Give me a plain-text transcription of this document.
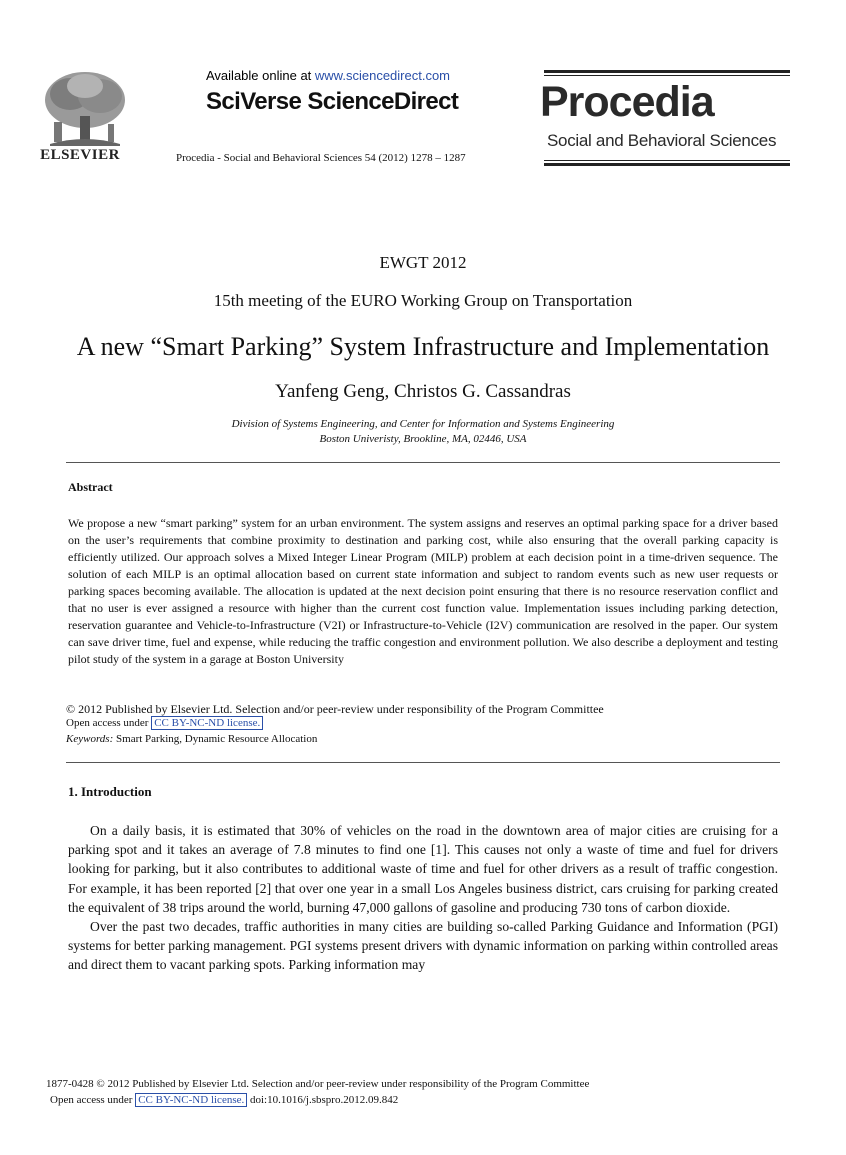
ELSEVIER
Available online at www.sciencedirect.com
SciVerse ScienceDirect
Procedia - Social and Behavioral Sciences 54 (2012) 1278 – 1287
Procedia
Social and Behavioral Sciences
EWGT 2012
15th meeting of the EURO Working Group on Transportation
A new “Smart Parking” System Infrastructure and Implementation
Yanfeng Geng, Christos G. Cassandras
Division of Systems Engineering, and Center for Information and Systems Engineering
Boston Univeristy, Brookline, MA, 02446, USA
Abstract
We propose a new “smart parking” system for an urban environment. The system assigns and reserves an optimal parking space for a driver based on the user’s requirements that combine proximity to destination and parking cost, while also ensuring that the overall parking capacity is efficiently utilized. Our approach solves a Mixed Integer Linear Program (MILP) problem at each decision point in a time-driven sequence. The solution of each MILP is an optimal allocation based on current state information and subject to random events such as new user requests or parking spaces becoming available. The allocation is updated at the next decision point ensuring that there is no resource reservation conflict and that no user is ever assigned a resource with higher than the current cost function value. Implementation issues including parking detection, reservation guarantee and Vehicle-to-Infrastructure (V2I) or Infrastructure-to-Vehicle (I2V) communication are resolved in the paper. Our system can save driver time, fuel and expense, while reducing the traffic congestion and environment pollution. We also describe a deployment and testing pilot study of the system in a garage at Boston University
© 2012 Published by Elsevier Ltd. Selection and/or peer-review under responsibility of the Program Committee
Open access under CC BY-NC-ND license.
Keywords: Smart Parking, Dynamic Resource Allocation
1. Introduction

On a daily basis, it is estimated that 30% of vehicles on the road in the downtown area of major cities are cruising for a parking spot and it takes an average of 7.8 minutes to find one [1]. This causes not only a waste of time and fuel for drivers looking for parking, but it also contributes to additional waste of time and fuel for other drivers as a result of traffic congestion. For example, it has been reported [2] that over one year in a small Los Angeles business district, cars cruising for parking created the equivalent of 38 trips around the world, burning 47,000 gallons of gasoline and producing 730 tons of carbon dioxide.

Over the past two decades, traffic authorities in many cities are building so-called Parking Guidance and Information (PGI) systems for better parking management. PGI systems present drivers with dynamic information on parking within controlled areas and direct them to vacant parking spots. Parking information may

1877-0428 © 2012 Published by Elsevier Ltd. Selection and/or peer-review under responsibility of the Program Committee
Open access under CC BY-NC-ND license. doi:10.1016/j.sbspro.2012.09.842
